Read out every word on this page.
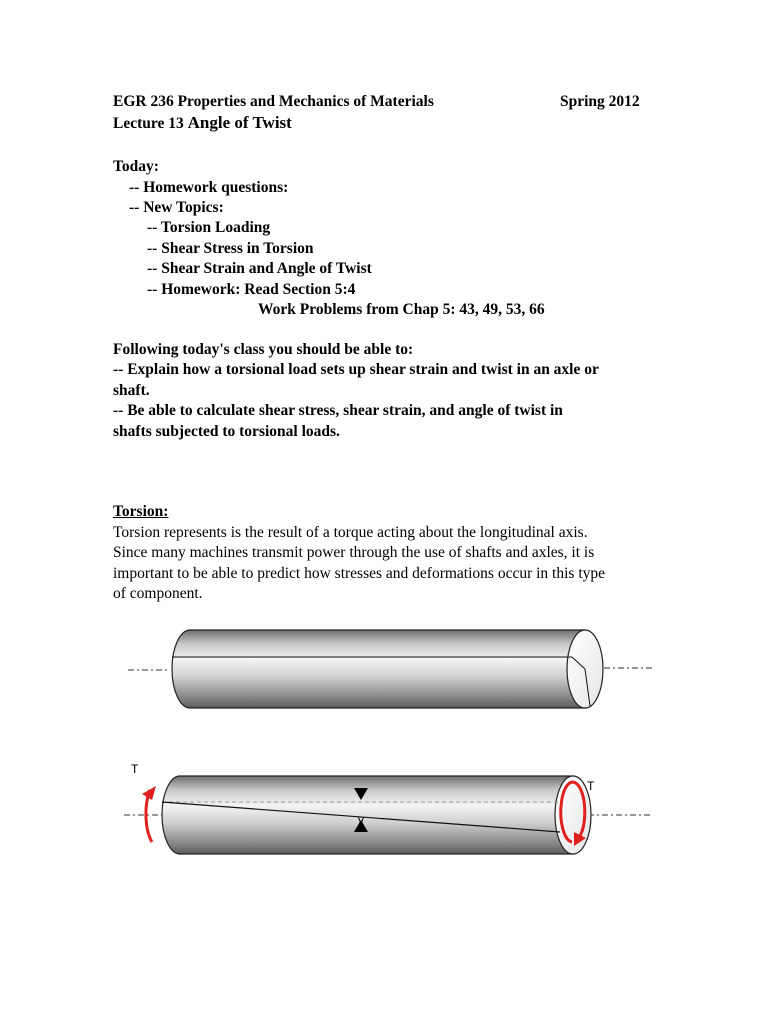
EGR 236 Properties and Mechanics of Materials	Spring 2012
Lecture 13 Angle of Twist
Today:
-- Homework questions:
-- New Topics:
-- Torsion Loading
-- Shear Stress in Torsion
-- Shear Strain and Angle of Twist
-- Homework: Read Section 5:4
Work Problems from Chap 5: 43, 49, 53, 66
Following today's class you should be able to:
-- Explain how a torsional load sets up shear strain and twist in an axle or
shaft.
-- Be able to calculate shear stress, shear strain, and angle of twist in
shafts subjected to torsional loads.
Torsion:
Torsion represents is the result of a torque acting about the longitudinal axis.
Since many machines transmit power through the use of shafts and axles, it is
important to be able to predict how stresses and deformations occur in this type
of component.
γ
T
T
